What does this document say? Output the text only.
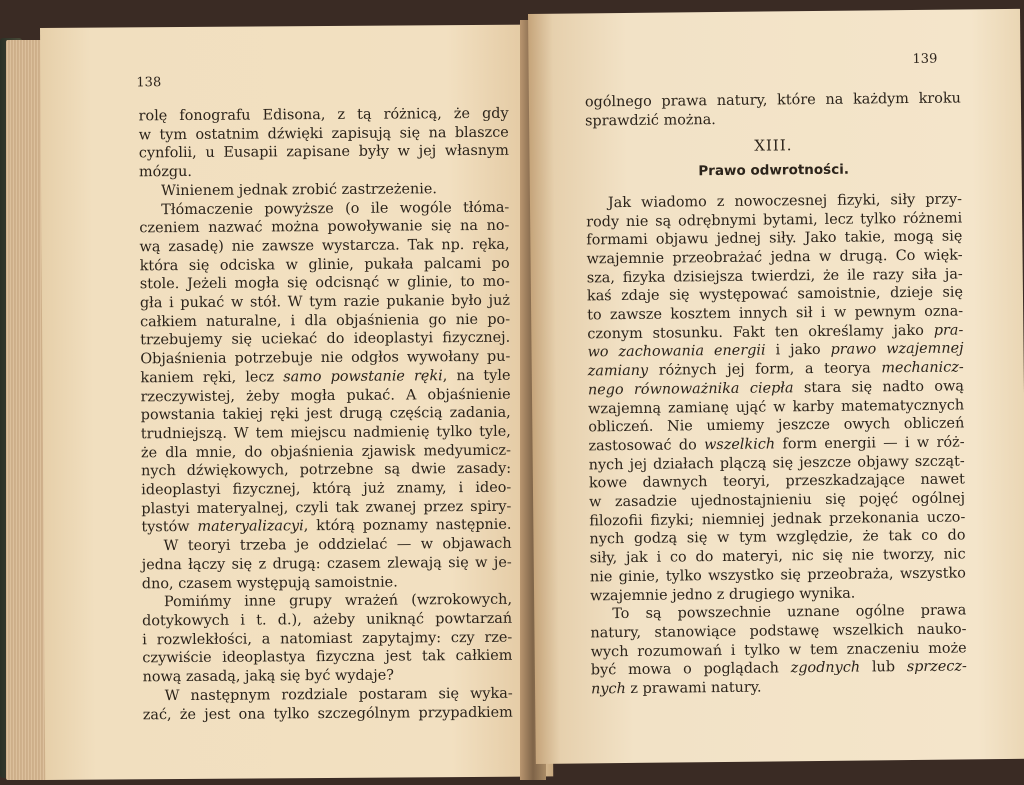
138
rolę fonografu Edisona, z tą różnicą, że gdy
w tym ostatnim dźwięki zapisują się na blaszce
cynfolii, u Eusapii zapisane były w jej własnym
mózgu.
Winienem jednak zrobić zastrzeżenie.
Tłómaczenie powyższe (o ile wogóle tłóma-
czeniem nazwać można powoływanie się na no-
wą zasadę) nie zawsze wystarcza. Tak np. ręka,
która się odciska w glinie, pukała palcami po
stole. Jeżeli mogła się odcisnąć w glinie, to mo-
gła i pukać w stół. W tym razie pukanie było już
całkiem naturalne, i dla objaśnienia go nie po-
trzebujemy się uciekać do ideoplastyi fizycznej.
Objaśnienia potrzebuje nie odgłos wywołany pu-
kaniem ręki, lecz samo powstanie ręki, na tyle
rzeczywistej, żeby mogła pukać. A objaśnienie
powstania takiej ręki jest drugą częścią zadania,
trudniejszą. W tem miejscu nadmienię tylko tyle,
że dla mnie, do objaśnienia zjawisk medyumicz-
nych dźwiękowych, potrzebne są dwie zasady:
ideoplastyi fizycznej, którą już znamy, i ideo-
plastyi materyalnej, czyli tak zwanej przez spiry-
tystów materyalizacyi, którą poznamy następnie.
W teoryi trzeba je oddzielać — w objawach
jedna łączy się z drugą: czasem zlewają się w je-
dno, czasem występują samoistnie.
Pomińmy inne grupy wrażeń (wzrokowych,
dotykowych i t. d.), ażeby uniknąć powtarzań
i rozwlekłości, a natomiast zapytajmy: czy rze-
czywiście ideoplastya fizyczna jest tak całkiem
nową zasadą, jaką się być wydaje?
W następnym rozdziale postaram się wyka-
zać, że jest ona tylko szczególnym przypadkiem
139
ogólnego prawa natury, które na każdym kroku
sprawdzić można.
XIII.
Prawo odwrotności.
Jak wiadomo z nowoczesnej fizyki, siły przy-
rody nie są odrębnymi bytami, lecz tylko różnemi
formami objawu jednej siły. Jako takie, mogą się
wzajemnie przeobrażać jedna w drugą. Co więk-
sza, fizyka dzisiejsza twierdzi, że ile razy siła ja-
kaś zdaje się występować samoistnie, dzieje się
to zawsze kosztem innych sił i w pewnym ozna-
czonym stosunku. Fakt ten określamy jako pra-
wo zachowania energii i jako prawo wzajemnej
zamiany różnych jej form, a teorya mechanicz-
nego równoważnika ciepła stara się nadto ową
wzajemną zamianę ująć w karby matematycznych
obliczeń. Nie umiemy jeszcze owych obliczeń
zastosować do wszelkich form energii — i w róż-
nych jej działach plączą się jeszcze objawy szcząt-
kowe dawnych teoryi, przeszkadzające nawet
w zasadzie ujednostajnieniu się pojęć ogólnej
filozofii fizyki; niemniej jednak przekonania uczo-
nych godzą się w tym względzie, że tak co do
siły, jak i co do materyi, nic się nie tworzy, nic
nie ginie, tylko wszystko się przeobraża, wszystko
wzajemnie jedno z drugiego wynika.
To są powszechnie uznane ogólne prawa
natury, stanowiące podstawę wszelkich nauko-
wych rozumowań i tylko w tem znaczeniu może
być mowa o poglądach zgodnych lub sprzecz-
nych z prawami natury.
